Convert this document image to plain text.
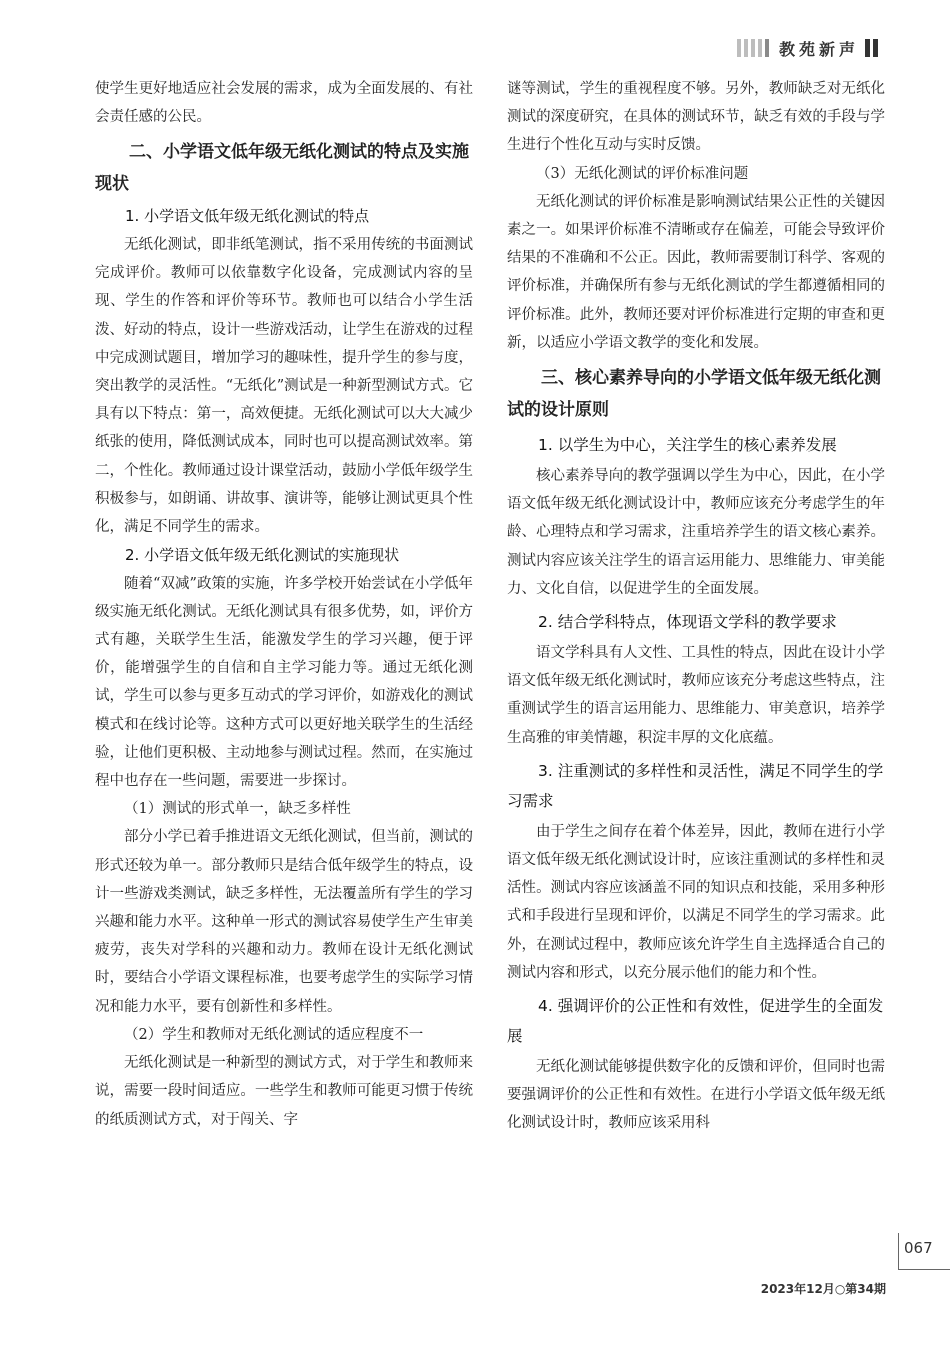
教苑新声

使学生更好地适应社会发展的需求，成为全面发展的、有社会责任感的公民。

二、小学语文低年级无纸化测试的特点及实施现状
1. 小学语文低年级无纸化测试的特点

无纸化测试，即非纸笔测试，指不采用传统的书面测试完成评价。教师可以依靠数字化设备，完成测试内容的呈现、学生的作答和评价等环节。教师也可以结合小学生活泼、好动的特点，设计一些游戏活动，让学生在游戏的过程中完成测试题目，增加学习的趣味性，提升学生的参与度，突出教学的灵活性。“无纸化”测试是一种新型测试方式。它具有以下特点：第一，高效便捷。无纸化测试可以大大减少纸张的使用，降低测试成本，同时也可以提高测试效率。第二，个性化。教师通过设计课堂活动，鼓励小学低年级学生积极参与，如朗诵、讲故事、演讲等，能够让测试更具个性化，满足不同学生的需求。

2. 小学语文低年级无纸化测试的实施现状

随着“双减”政策的实施，许多学校开始尝试在小学低年级实施无纸化测试。无纸化测试具有很多优势，如，评价方式有趣，关联学生生活，能激发学生的学习兴趣，便于评价，能增强学生的自信和自主学习能力等。通过无纸化测试，学生可以参与更多互动式的学习评价，如游戏化的测试模式和在线讨论等。这种方式可以更好地关联学生的生活经验，让他们更积极、主动地参与测试过程。然而，在实施过程中也存在一些问题，需要进一步探讨。

（1）测试的形式单一，缺乏多样性

部分小学已着手推进语文无纸化测试，但当前，测试的形式还较为单一。部分教师只是结合低年级学生的特点，设计一些游戏类测试，缺乏多样性，无法覆盖所有学生的学习兴趣和能力水平。这种单一形式的测试容易使学生产生审美疲劳，丧失对学科的兴趣和动力。教师在设计无纸化测试时，要结合小学语文课程标准，也要考虑学生的实际学习情况和能力水平，要有创新性和多样性。

（2）学生和教师对无纸化测试的适应程度不一

无纸化测试是一种新型的测试方式，对于学生和教师来说，需要一段时间适应。一些学生和教师可能更习惯于传统的纸质测试方式，对于闯关、字

谜等测试，学生的重视程度不够。另外，教师缺乏对无纸化测试的深度研究，在具体的测试环节，缺乏有效的手段与学生进行个性化互动与实时反馈。

（3）无纸化测试的评价标准问题

无纸化测试的评价标准是影响测试结果公正性的关键因素之一。如果评价标准不清晰或存在偏差，可能会导致评价结果的不准确和不公正。因此，教师需要制订科学、客观的评价标准，并确保所有参与无纸化测试的学生都遵循相同的评价标准。此外，教师还要对评价标准进行定期的审查和更新，以适应小学语文教学的变化和发展。

三、核心素养导向的小学语文低年级无纸化测试的设计原则
1. 以学生为中心，关注学生的核心素养发展

核心素养导向的教学强调以学生为中心，因此，在小学语文低年级无纸化测试设计中，教师应该充分考虑学生的年龄、心理特点和学习需求，注重培养学生的语文核心素养。测试内容应该关注学生的语言运用能力、思维能力、审美能力、文化自信，以促进学生的全面发展。

2. 结合学科特点，体现语文学科的教学要求

语文学科具有人文性、工具性的特点，因此在设计小学语文低年级无纸化测试时，教师应该充分考虑这些特点，注重测试学生的语言运用能力、思维能力、审美意识，培养学生高雅的审美情趣，积淀丰厚的文化底蕴。

3. 注重测试的多样性和灵活性，满足不同学生的学习需求

由于学生之间存在着个体差异，因此，教师在进行小学语文低年级无纸化测试设计时，应该注重测试的多样性和灵活性。测试内容应该涵盖不同的知识点和技能，采用多种形式和手段进行呈现和评价，以满足不同学生的学习需求。此外，在测试过程中，教师应该允许学生自主选择适合自己的测试内容和形式，以充分展示他们的能力和个性。

4. 强调评价的公正性和有效性，促进学生的全面发展

无纸化测试能够提供数字化的反馈和评价，但同时也需要强调评价的公正性和有效性。在进行小学语文低年级无纸化测试设计时，教师应该采用科

067
2023年12月○第34期
